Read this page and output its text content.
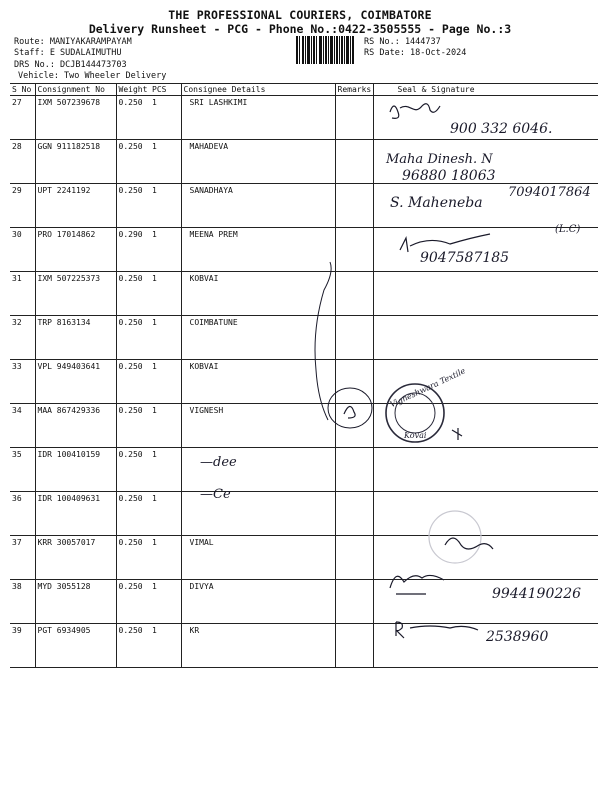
THE PROFESSIONAL COURIERS, COIMBATORE
Delivery Runsheet - PCG - Phone No.:0422-3505555 - Page No.:3
Route: MANIYAKARAMPAYAM
Staff: E SUDALAIMUTHU
DRS No.: DCJB144473703
Vehicle: Two Wheeler Delivery
RS No.: 1444737
RS Date: 18-Oct-2024
S No	Consignment No	Weight	PCS	Consignee Details	Remarks	Seal & Signature
27	IXM 507239678	0.250	1	SRI LASHKIMI		
28	GGN 911182518	0.250	1	MAHADEVA		
29	UPT 2241192	0.250	1	SANADHAYA		
30	PRO 17014862	0.290	1	MEENA PREM		
31	IXM 507225373	0.250	1	KOBVAI		
32	TRP 8163134	0.250	1	COIMBATUNE		
33	VPL 949403641	0.250	1	KOBVAI		
34	MAA 867429336	0.250	1	VIGNESH		
35	IDR 100410159	0.250	1			
36	IDR 100409631	0.250	1			
37	KRR 30057017	0.250	1	VIMAL		
38	MYD 3055128	0.250	1	DIVYA		
39	PGT 6934905	0.250	1	KR		
900 332 6046.
Maha Dinesh. N
96880 18063
S. Maheneba
7094017864
(L.C)
9047587185
Vigneshwara Textile
Kovai
—dee
—Ce
9944190226
2538960
